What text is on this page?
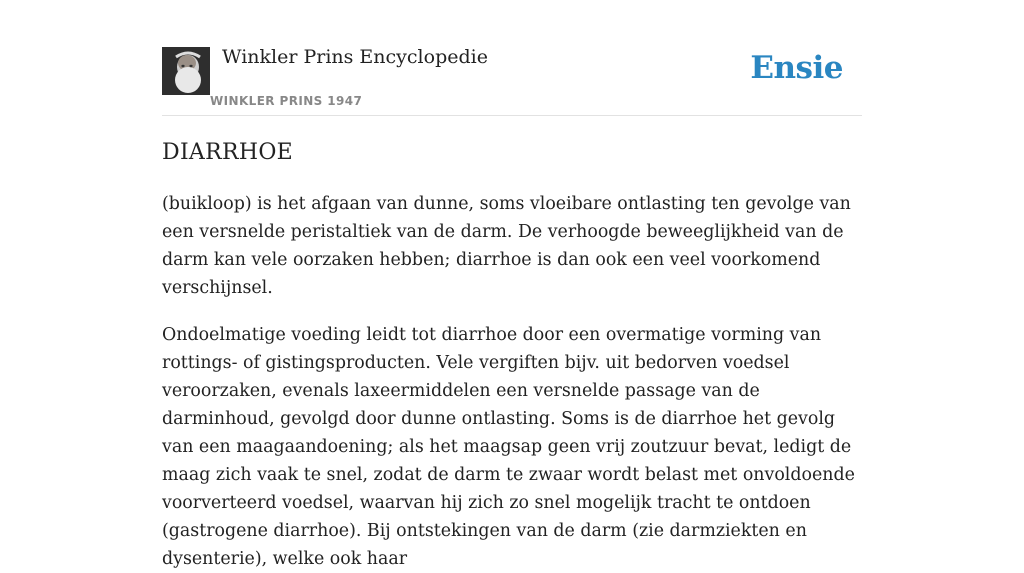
Winkler Prins Encyclopedie
WINKLER PRINS 1947
Ensie
DIARRHOE

(buikloop) is het afgaan van dunne, soms vloeibare ontlasting ten gevolge van een versnelde peristaltiek van de darm. De verhoogde beweeglijkheid van de darm kan vele oorzaken hebben; diarrhoe is dan ook een veel voorkomend verschijnsel.

Ondoelmatige voeding leidt tot diarrhoe door een overmatige vorming van rottings- of gistingsproducten. Vele vergiften bijv. uit bedorven voedsel veroorzaken, evenals laxeermiddelen een versnelde passage van de darminhoud, gevolgd door dunne ontlasting. Soms is de diarrhoe het gevolg van een maagaandoening; als het maagsap geen vrij zoutzuur bevat, ledigt de maag zich vaak te snel, zodat de darm te zwaar wordt belast met onvoldoende voorverteerd voedsel, waarvan hij zich zo snel mogelijk tracht te ontdoen (gastrogene diarrhoe). Bij ontstekingen van de darm (zie darmziekten en dysenterie), welke ook haar
